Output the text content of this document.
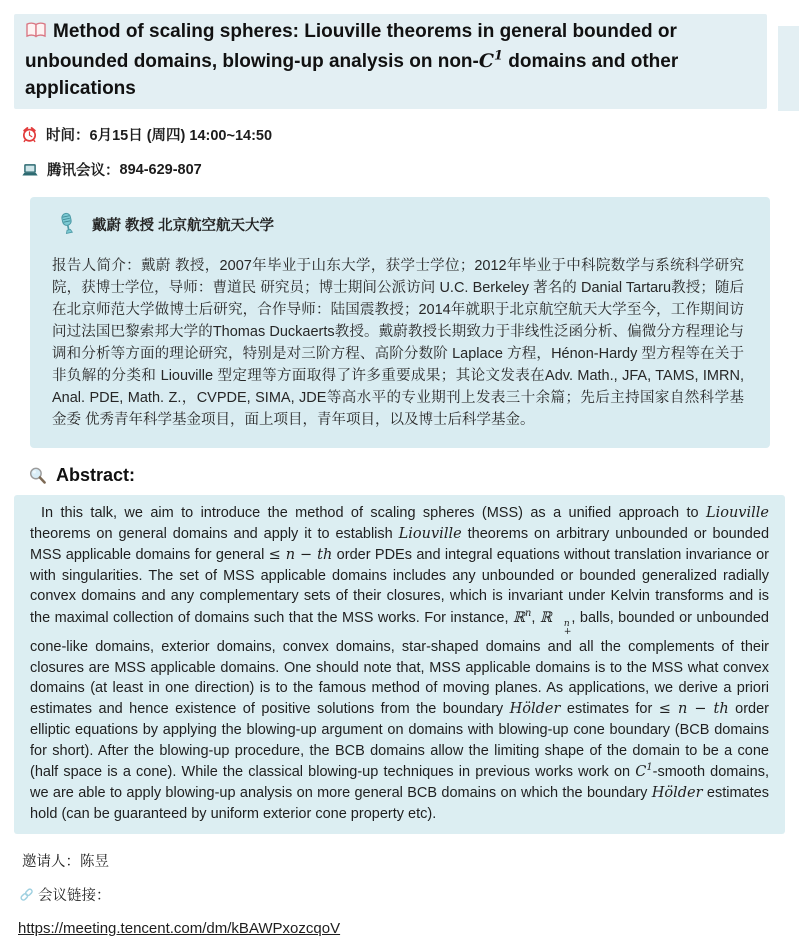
Method of scaling spheres: Liouville theorems in general bounded or unbounded domains, blowing-up analysis on non-$C^1$ domains and other applications
时间： 6月15日 (周四) 14:00~14:50
腾讯会议： 894-629-807
戴蔚 教授 北京航空航天大学
报告人简介：戴蔚 教授，2007年毕业于山东大学，获学士学位；2012年毕业于中科院数学与系统科学研究院，获博士学位，导师：曹道民 研究员；博士期间公派访问 U.C. Berkeley 著名的 Danial Tartaru教授；随后在北京师范大学做博士后研究，合作导师：陆国震教授；2014年就职于北京航空航天大学至今，工作期间访问过法国巴黎索邦大学的Thomas Duckaerts教授。戴蔚教授长期致力于非线性泛函分析、偏微分方程理论与调和分析等方面的理论研究，特别是对三阶方程、高阶分数阶 Laplace 方程，Hénon-Hardy 型方程等在关于非负解的分类和 Liouville 型定理等方面取得了许多重要成果；其论文发表在Adv. Math., JFA, TAMS, IMRN, Anal. PDE, Math. Z.，CVPDE, SIMA, JDE等高水平的专业期刊上发表三十余篇；先后主持国家自然科学基金委 优秀青年科学基金项目，面上项目，青年项目，以及博士后科学基金。
Abstract:

In this talk, we aim to introduce the method of scaling spheres (MSS) as a unified approach to Liouville theorems on general domains and apply it to establish Liouville theorems on arbitrary unbounded or bounded MSS applicable domains for general ≤ n − th order PDEs and integral equations without translation invariance or with singularities. The set of MSS applicable domains includes any unbounded or bounded generalized radially convex domains and any complementary sets of their closures, which is invariant under Kelvin transforms and is the maximal collection of domains such that the MSS works. For instance, ℝ$^n$, ℝ	n
+
, balls, bounded or unbounded cone-like domains, exterior domains, convex domains, star-shaped domains and all the complements of their closures are MSS applicable domains. One should note that, MSS applicable domains is to the MSS what convex domains (at least in one direction) is to the famous method of moving planes. As applications, we derive a priori estimates and hence existence of positive solutions from the boundary Hölder estimates for ≤ n − th order elliptic equations by applying the blowing-up argument on domains with blowing-up cone boundary (BCB domains for short). After the blowing-up procedure, the BCB domains allow the limiting shape of the domain to be a cone (half space is a cone). While the classical blowing-up techniques in previous works work on $C^1$-smooth domains, we are able to apply blowing-up analysis on more general BCB domains on which the boundary Hölder estimates hold (can be guaranteed by uniform exterior cone property etc).

邀请人：陈昱
会议链接：
https://meeting.tencent.com/dm/kBAWPxozcqoV
